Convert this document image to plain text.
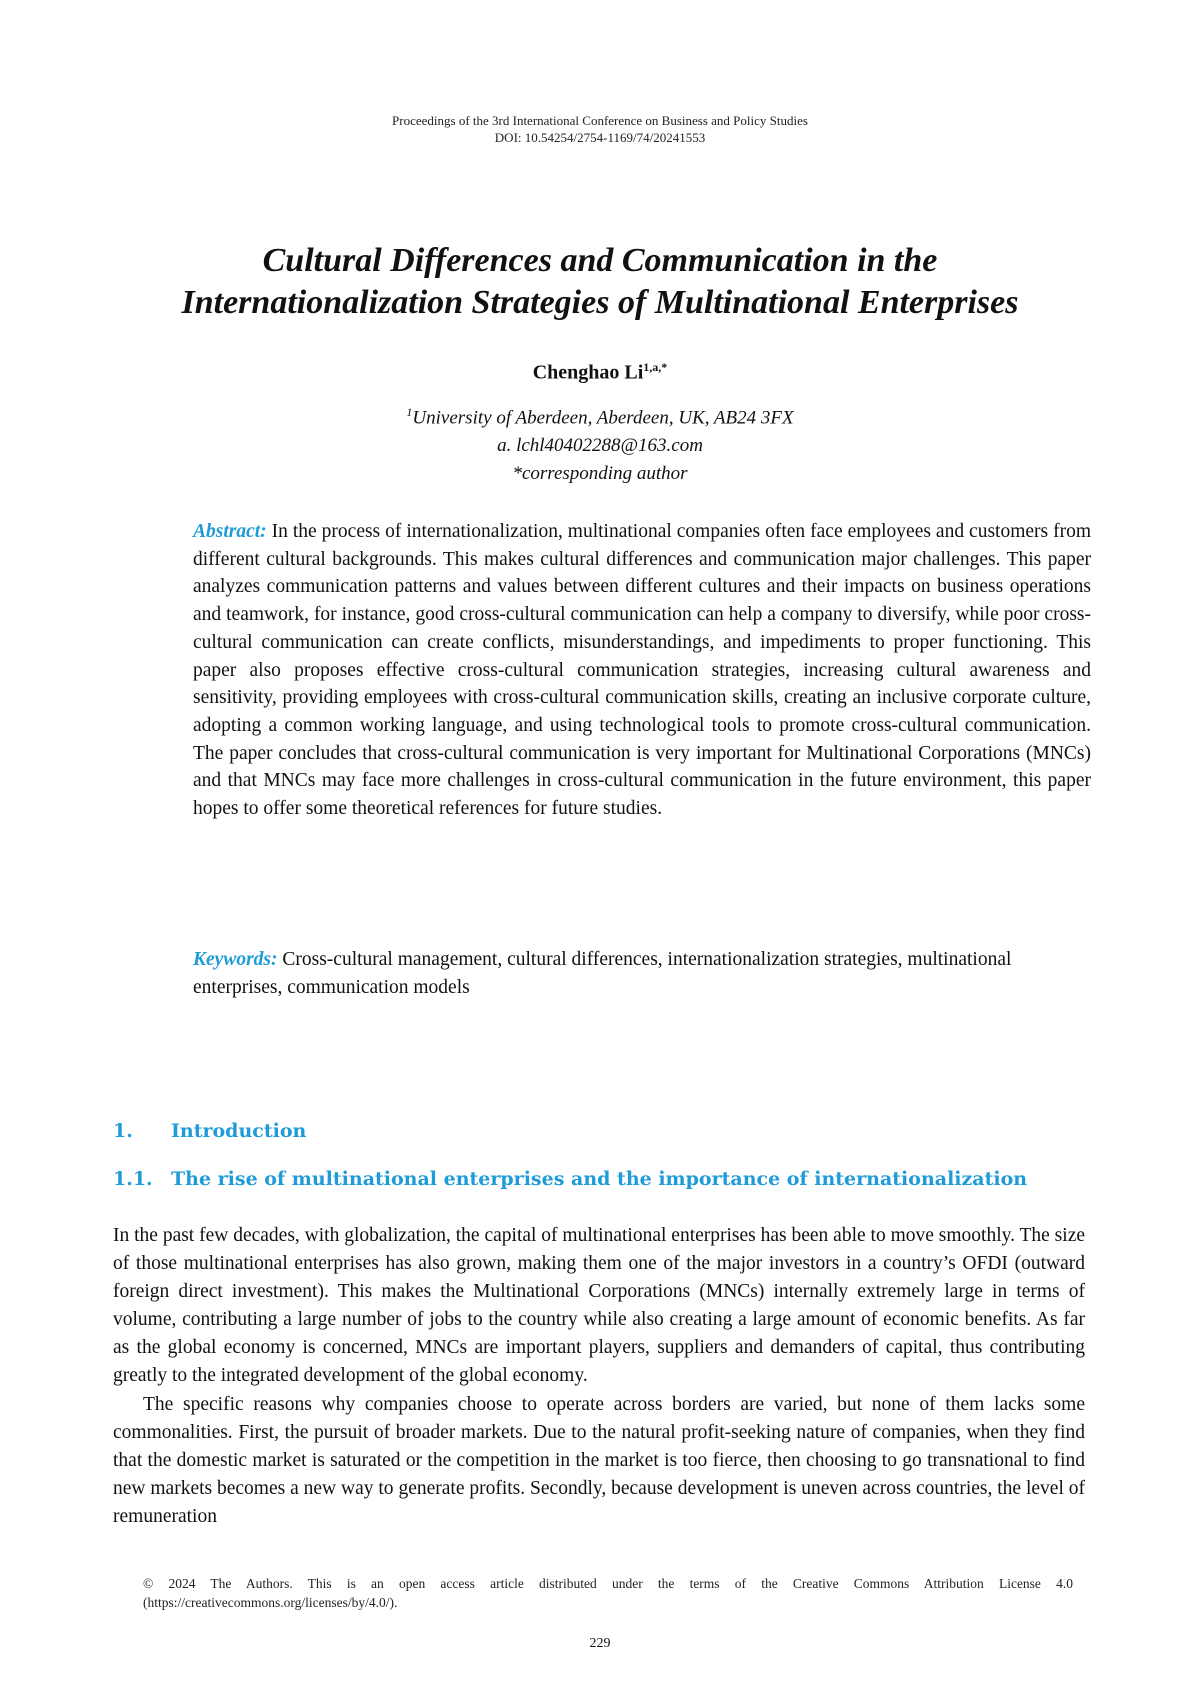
Proceedings of the 3rd International Conference on Business and Policy Studies
DOI: 10.54254/2754-1169/74/20241553
Cultural Differences and Communication in the
Internationalization Strategies of Multinational Enterprises
Chenghao $Li^{1,a,*}$
$^1$University of Aberdeen, Aberdeen, UK, AB24 3FX
a. lchl40402288@163.com
*corresponding author

Abstract: In the process of internationalization, multinational companies often face employees and customers from different cultural backgrounds. This makes cultural differences and communication major challenges. This paper analyzes communication patterns and values between different cultures and their impacts on business operations and teamwork, for instance, good cross-cultural communication can help a company to diversify, while poor cross-cultural communication can create conflicts, misunderstandings, and impediments to proper functioning. This paper also proposes effective cross-cultural communication strategies, increasing cultural awareness and sensitivity, providing employees with cross-cultural communication skills, creating an inclusive corporate culture, adopting a common working language, and using technological tools to promote cross-cultural communication. The paper concludes that cross-cultural communication is very important for Multinational Corporations (MNCs) and that MNCs may face more challenges in cross-cultural communication in the future environment, this paper hopes to offer some theoretical references for future studies.

Keywords: Cross-cultural management, cultural differences, internationalization strategies, multinational enterprises, communication models

1. Introduction
1.1. The rise of multinational enterprises and the importance of internationalization

In the past few decades, with globalization, the capital of multinational enterprises has been able to move smoothly. The size of those multinational enterprises has also grown, making them one of the major investors in a country’s OFDI (outward foreign direct investment). This makes the Multinational Corporations (MNCs) internally extremely large in terms of volume, contributing a large number of jobs to the country while also creating a large amount of economic benefits. As far as the global economy is concerned, MNCs are important players, suppliers and demanders of capital, thus contributing greatly to the integrated development of the global economy.

The specific reasons why companies choose to operate across borders are varied, but none of them lacks some commonalities. First, the pursuit of broader markets. Due to the natural profit-seeking nature of companies, when they find that the domestic market is saturated or the competition in the market is too fierce, then choosing to go transnational to find new markets becomes a new way to generate profits. Secondly, because development is uneven across countries, the level of remuneration

© 2024 The Authors. This is an open access article distributed under the terms of the Creative Commons Attribution License 4.0 (https://creativecommons.org/licenses/by/4.0/).
229
